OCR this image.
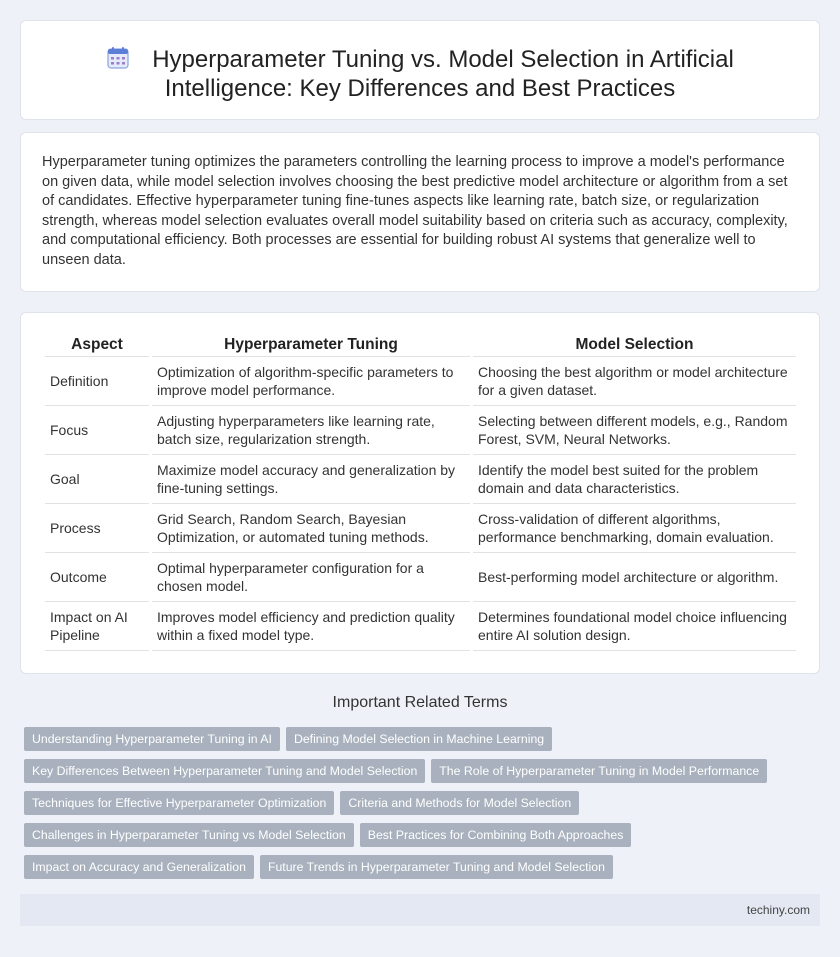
Hyperparameter Tuning vs. Model Selection in Artificial Intelligence: Key Differences and Best Practices

Hyperparameter tuning optimizes the parameters controlling the learning process to improve a model's performance on given data, while model selection involves choosing the best predictive model architecture or algorithm from a set of candidates. Effective hyperparameter tuning fine-tunes aspects like learning rate, batch size, or regularization strength, whereas model selection evaluates overall model suitability based on criteria such as accuracy, complexity, and computational efficiency. Both processes are essential for building robust AI systems that generalize well to unseen data.

Aspect	Hyperparameter Tuning	Model Selection
Definition	Optimization of algorithm-specific parameters to improve model performance.	Choosing the best algorithm or model architecture for a given dataset.
Focus	Adjusting hyperparameters like learning rate, batch size, regularization strength.	Selecting between different models, e.g., Random Forest, SVM, Neural Networks.
Goal	Maximize model accuracy and generalization by fine-tuning settings.	Identify the model best suited for the problem domain and data characteristics.
Process	Grid Search, Random Search, Bayesian Optimization, or automated tuning methods.	Cross-validation of different algorithms, performance benchmarking, domain evaluation.
Outcome	Optimal hyperparameter configuration for a chosen model.	Best-performing model architecture or algorithm.
Impact on AI Pipeline	Improves model efficiency and prediction quality within a fixed model type.	Determines foundational model choice influencing entire AI solution design.
Important Related Terms
Understanding Hyperparameter Tuning in AI Defining Model Selection in Machine Learning
Key Differences Between Hyperparameter Tuning and Model Selection The Role of Hyperparameter Tuning in Model Performance
Techniques for Effective Hyperparameter Optimization Criteria and Methods for Model Selection
Challenges in Hyperparameter Tuning vs Model Selection Best Practices for Combining Both Approaches
Impact on Accuracy and Generalization Future Trends in Hyperparameter Tuning and Model Selection
techiny.com
